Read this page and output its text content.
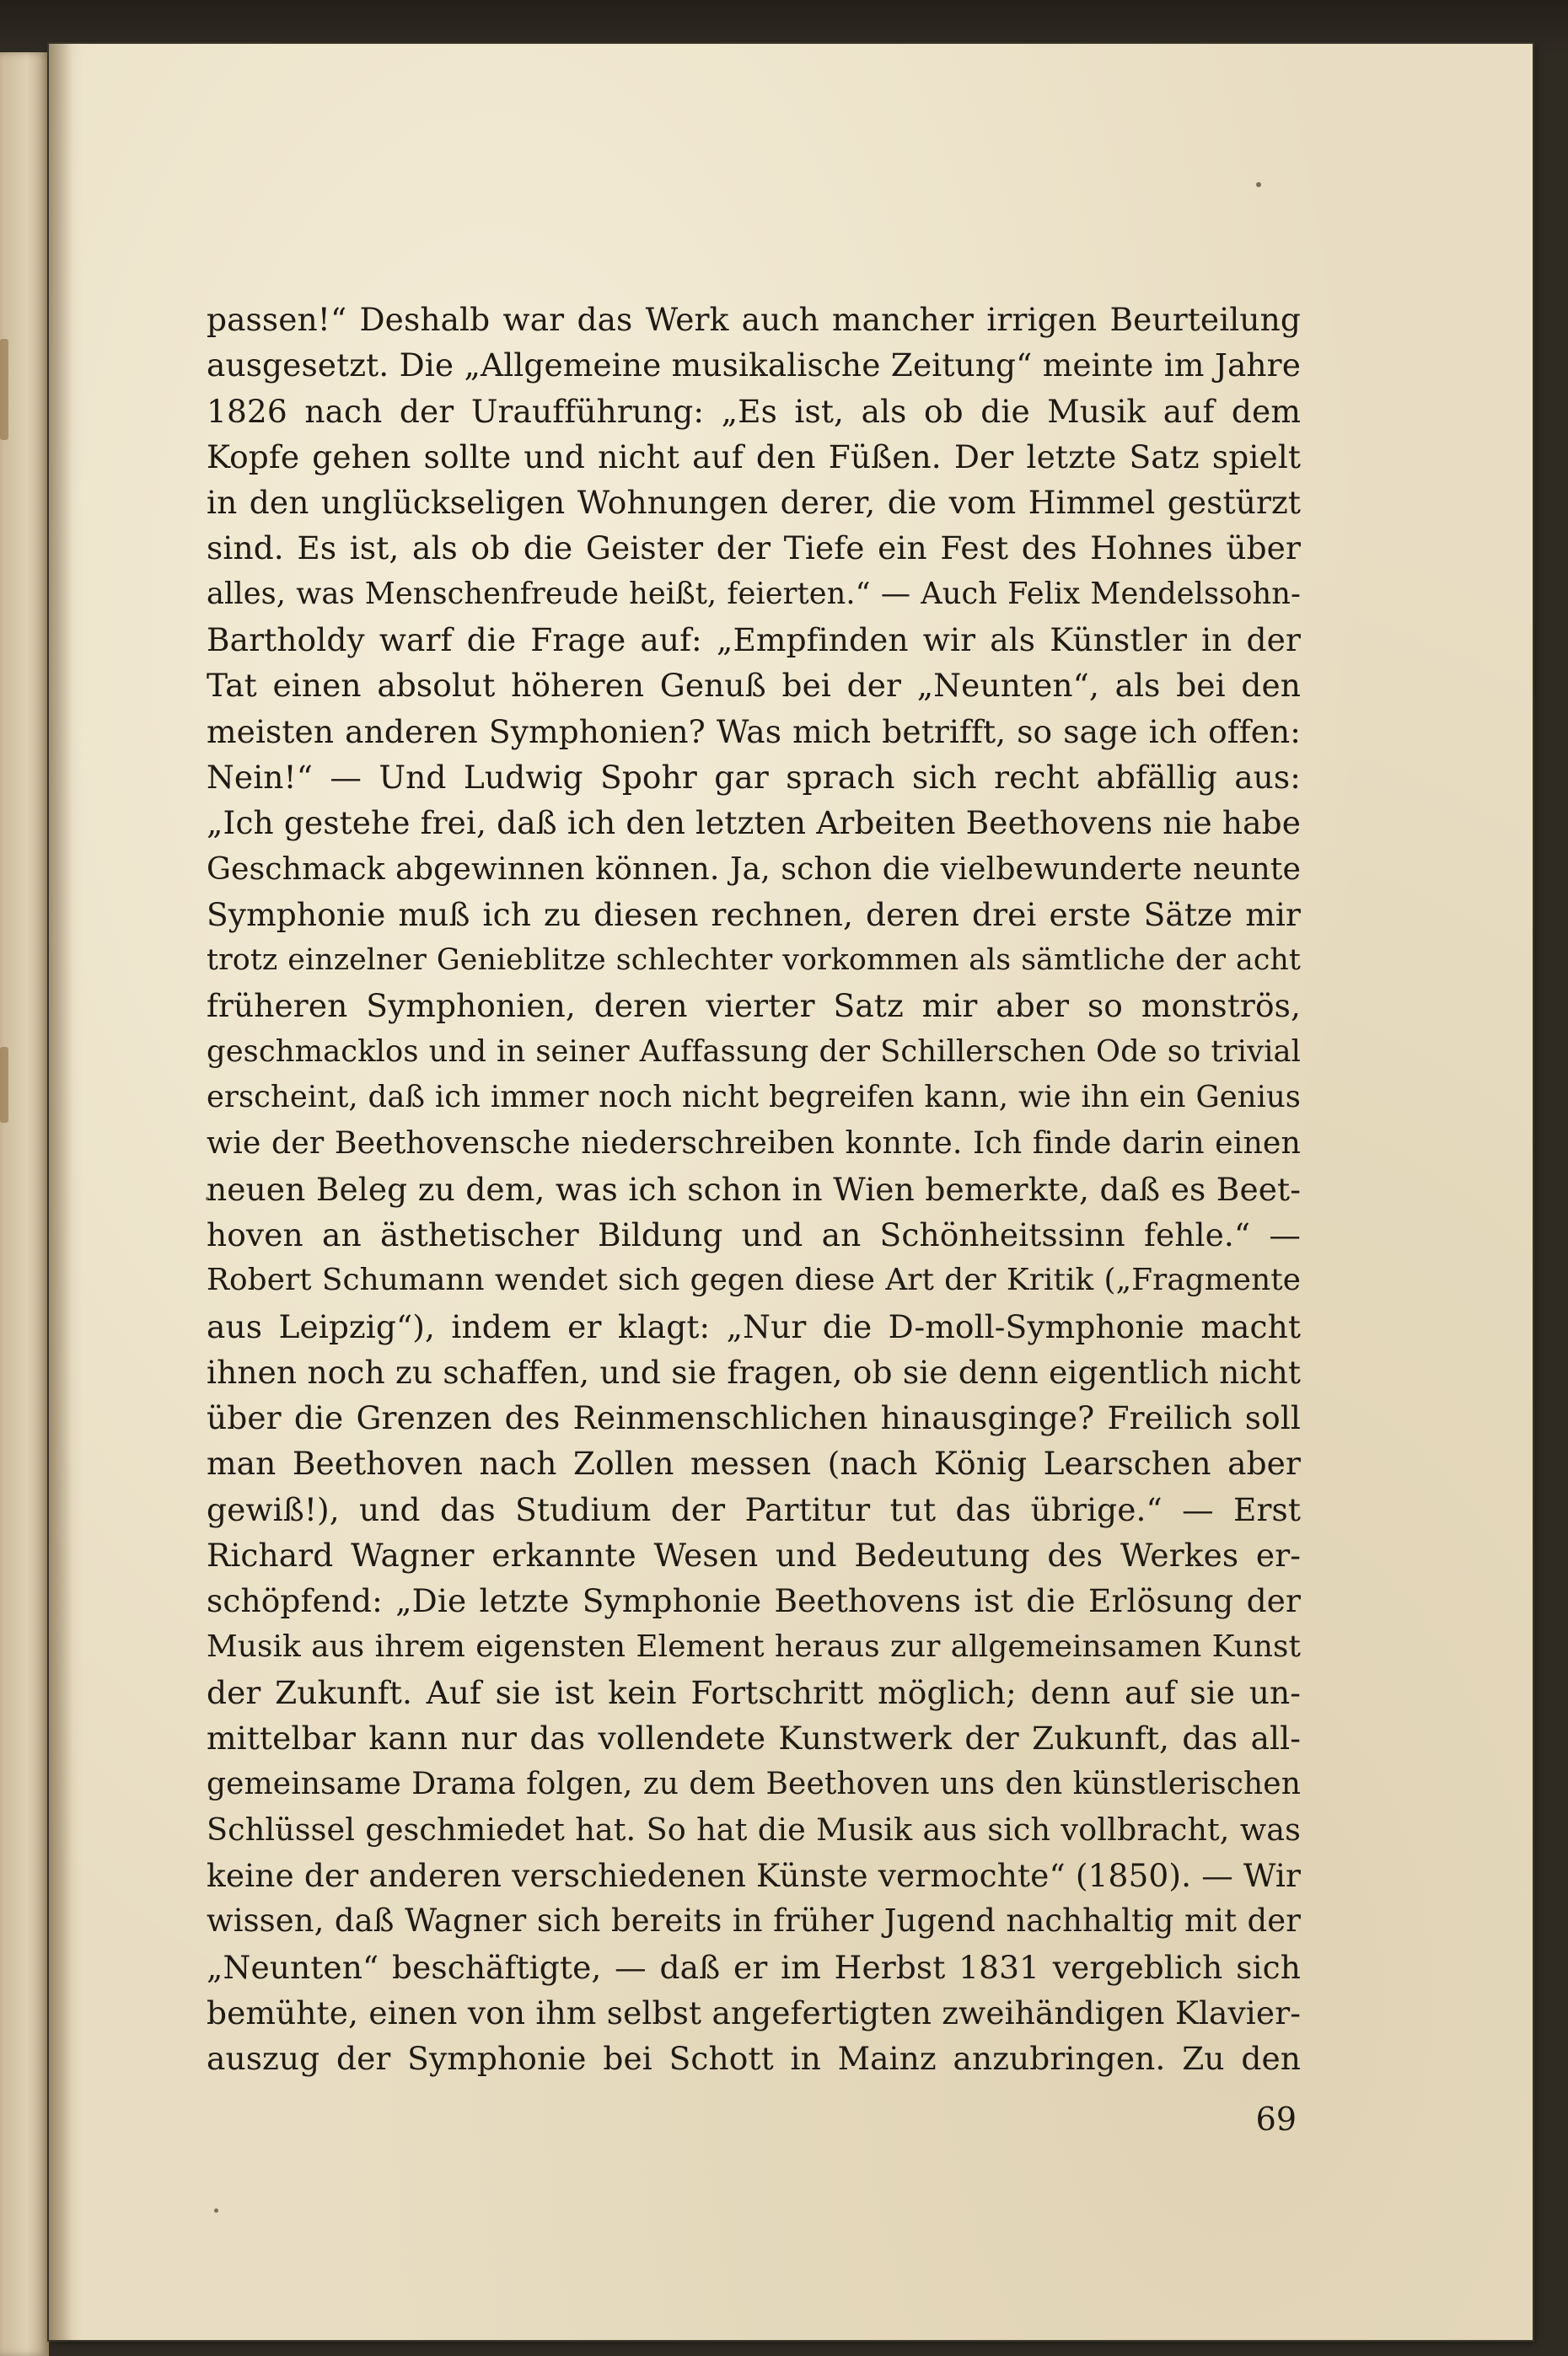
passen!“ Deshalb war das Werk auch mancher irrigen Beurteilung
ausgesetzt. Die „Allgemeine musikalische Zeitung“ meinte im Jahre
1826 nach der Uraufführung: „Es ist, als ob die Musik auf dem
Kopfe gehen sollte und nicht auf den Füßen. Der letzte Satz spielt
in den unglückseligen Wohnungen derer, die vom Himmel gestürzt
sind. Es ist, als ob die Geister der Tiefe ein Fest des Hohnes über
alles, was Menschenfreude heißt, feierten.“ — Auch Felix Mendelssohn-
Bartholdy warf die Frage auf: „Empfinden wir als Künstler in der
Tat einen absolut höheren Genuß bei der „Neunten“, als bei den
meisten anderen Symphonien? Was mich betrifft, so sage ich offen:
Nein!“ — Und Ludwig Spohr gar sprach sich recht abfällig aus:
„Ich gestehe frei, daß ich den letzten Arbeiten Beethovens nie habe
Geschmack abgewinnen können. Ja, schon die vielbewunderte neunte
Symphonie muß ich zu diesen rechnen, deren drei erste Sätze mir
trotz einzelner Genieblitze schlechter vorkommen als sämtliche der acht
früheren Symphonien, deren vierter Satz mir aber so monströs,
geschmacklos und in seiner Auffassung der Schillerschen Ode so trivial
erscheint, daß ich immer noch nicht begreifen kann, wie ihn ein Genius
wie der Beethovensche niederschreiben konnte. Ich finde darin einen
neuen Beleg zu dem, was ich schon in Wien bemerkte, daß es Beet-
hoven an ästhetischer Bildung und an Schönheitssinn fehle.“ —
Robert Schumann wendet sich gegen diese Art der Kritik („Fragmente
aus Leipzig“), indem er klagt: „Nur die D-moll-Symphonie macht
ihnen noch zu schaffen, und sie fragen, ob sie denn eigentlich nicht
über die Grenzen des Reinmenschlichen hinausginge? Freilich soll
man Beethoven nach Zollen messen (nach König Learschen aber
gewiß!), und das Studium der Partitur tut das übrige.“ — Erst
Richard Wagner erkannte Wesen und Bedeutung des Werkes er-
schöpfend: „Die letzte Symphonie Beethovens ist die Erlösung der
Musik aus ihrem eigensten Element heraus zur allgemeinsamen Kunst
der Zukunft. Auf sie ist kein Fortschritt möglich; denn auf sie un-
mittelbar kann nur das vollendete Kunstwerk der Zukunft, das all-
gemeinsame Drama folgen, zu dem Beethoven uns den künstlerischen
Schlüssel geschmiedet hat. So hat die Musik aus sich vollbracht, was
keine der anderen verschiedenen Künste vermochte“ (1850). — Wir
wissen, daß Wagner sich bereits in früher Jugend nachhaltig mit der
„Neunten“ beschäftigte, — daß er im Herbst 1831 vergeblich sich
bemühte, einen von ihm selbst angefertigten zweihändigen Klavier-
auszug der Symphonie bei Schott in Mainz anzubringen. Zu den
69
